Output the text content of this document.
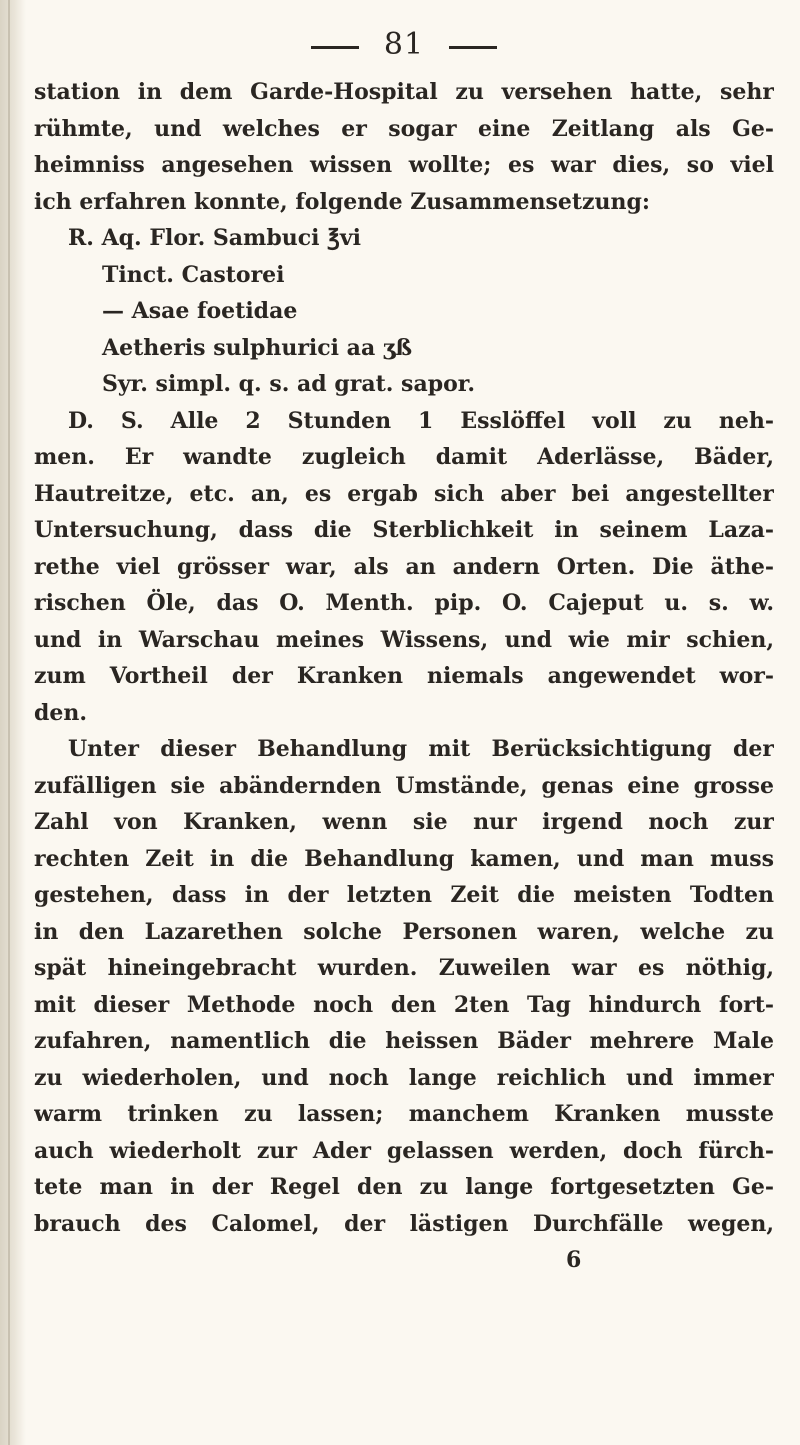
81
station in dem Garde-Hospital zu versehen hatte, sehr
rühmte, und welches er sogar eine Zeitlang als Ge-
heimniss angesehen wissen wollte; es war dies, so viel
ich erfahren konnte, folgende Zusammensetzung:
R. Aq. Flor. Sambuci ℥vi
Tinct. Castorei
— Asae foetidae
Aetheris sulphurici aa ʒß
Syr. simpl. q. s. ad grat. sapor.
D. S. Alle 2 Stunden 1 Esslöffel voll zu neh-
men. Er wandte zugleich damit Aderlässe, Bäder,
Hautreitze, etc. an, es ergab sich aber bei angestellter
Untersuchung, dass die Sterblichkeit in seinem Laza-
rethe viel grösser war, als an andern Orten. Die äthe-
rischen Öle, das O. Menth. pip. O. Cajeput u. s. w.
und in Warschau meines Wissens, und wie mir schien,
zum Vortheil der Kranken niemals angewendet wor-
den.
Unter dieser Behandlung mit Berücksichtigung der
zufälligen sie abändernden Umstände, genas eine grosse
Zahl von Kranken, wenn sie nur irgend noch zur
rechten Zeit in die Behandlung kamen, und man muss
gestehen, dass in der letzten Zeit die meisten Todten
in den Lazarethen solche Personen waren, welche zu
spät hineingebracht wurden. Zuweilen war es nöthig,
mit dieser Methode noch den 2ten Tag hindurch fort-
zufahren, namentlich die heissen Bäder mehrere Male
zu wiederholen, und noch lange reichlich und immer
warm trinken zu lassen; manchem Kranken musste
auch wiederholt zur Ader gelassen werden, doch fürch-
tete man in der Regel den zu lange fortgesetzten Ge-
brauch des Calomel, der lästigen Durchfälle wegen,
6
